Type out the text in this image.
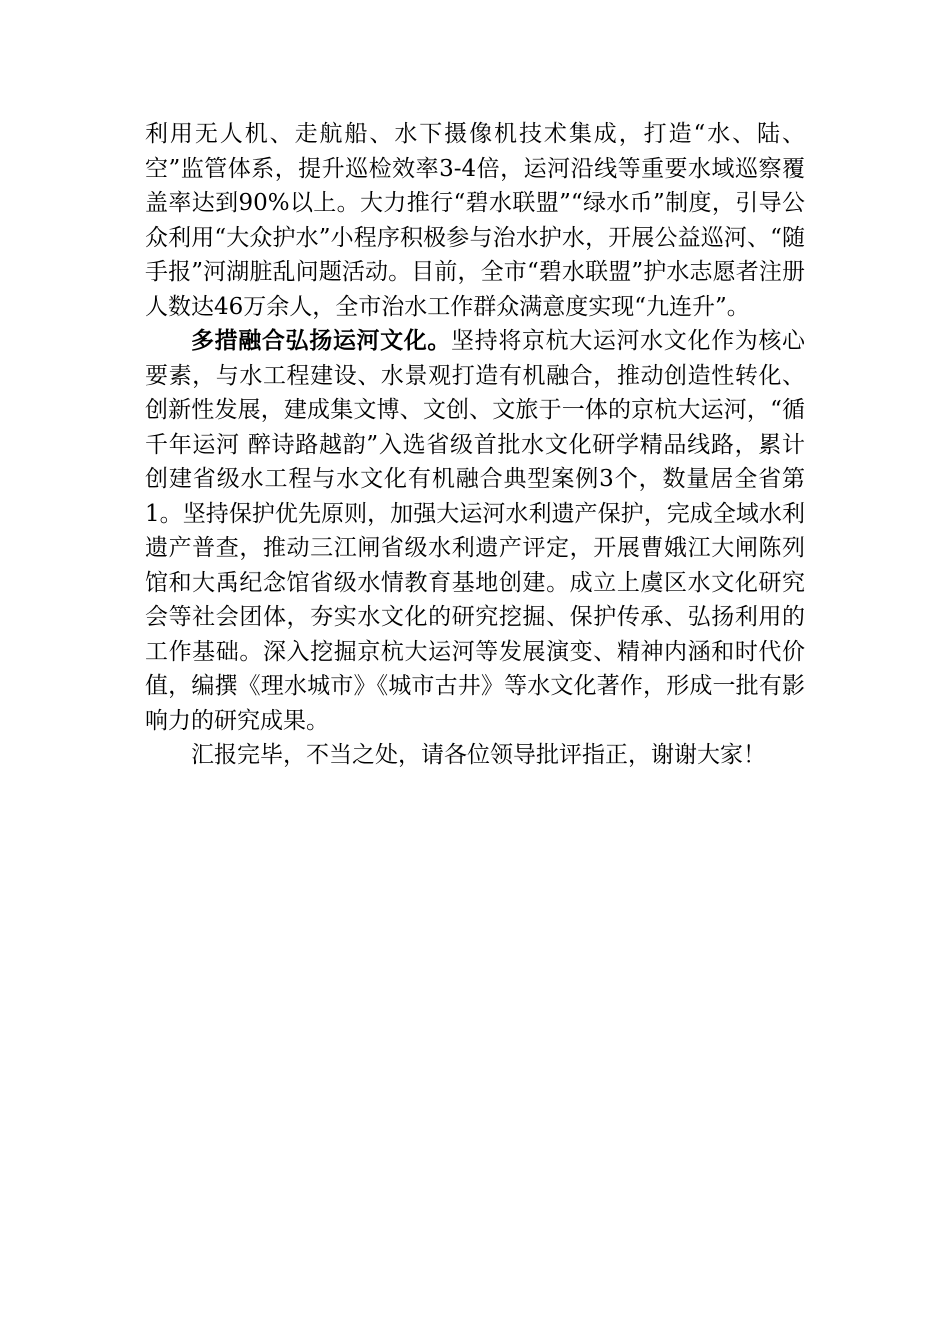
利用无人机、走航船、水下摄像机技术集成，打造“水、陆、空”监管体系，提升巡检效率3-4倍，运河沿线等重要水域巡察覆盖率达到90%以上。大力推行“碧水联盟”“绿水币”制度，引导公众利用“大众护水”小程序积极参与治水护水，开展公益巡河、“随手报”河湖脏乱问题活动。目前，全市“碧水联盟”护水志愿者注册人数达46万余人，全市治水工作群众满意度实现“九连升”。

多措融合弘扬运河文化。坚持将京杭大运河水文化作为核心要素，与水工程建设、水景观打造有机融合，推动创造性转化、创新性发展，建成集文博、文创、文旅于一体的京杭大运河，“循千年运河 醉诗路越韵”入选省级首批水文化研学精品线路，累计创建省级水工程与水文化有机融合典型案例3个，数量居全省第1。坚持保护优先原则，加强大运河水利遗产保护，完成全域水利遗产普查，推动三江闸省级水利遗产评定，开展曹娥江大闸陈列馆和大禹纪念馆省级水情教育基地创建。成立上虞区水文化研究会等社会团体，夯实水文化的研究挖掘、保护传承、弘扬利用的工作基础。深入挖掘京杭大运河等发展演变、精神内涵和时代价值，编撰《理水城市》《城市古井》等水文化著作，形成一批有影响力的研究成果。

汇报完毕，不当之处，请各位领导批评指正，谢谢大家！
